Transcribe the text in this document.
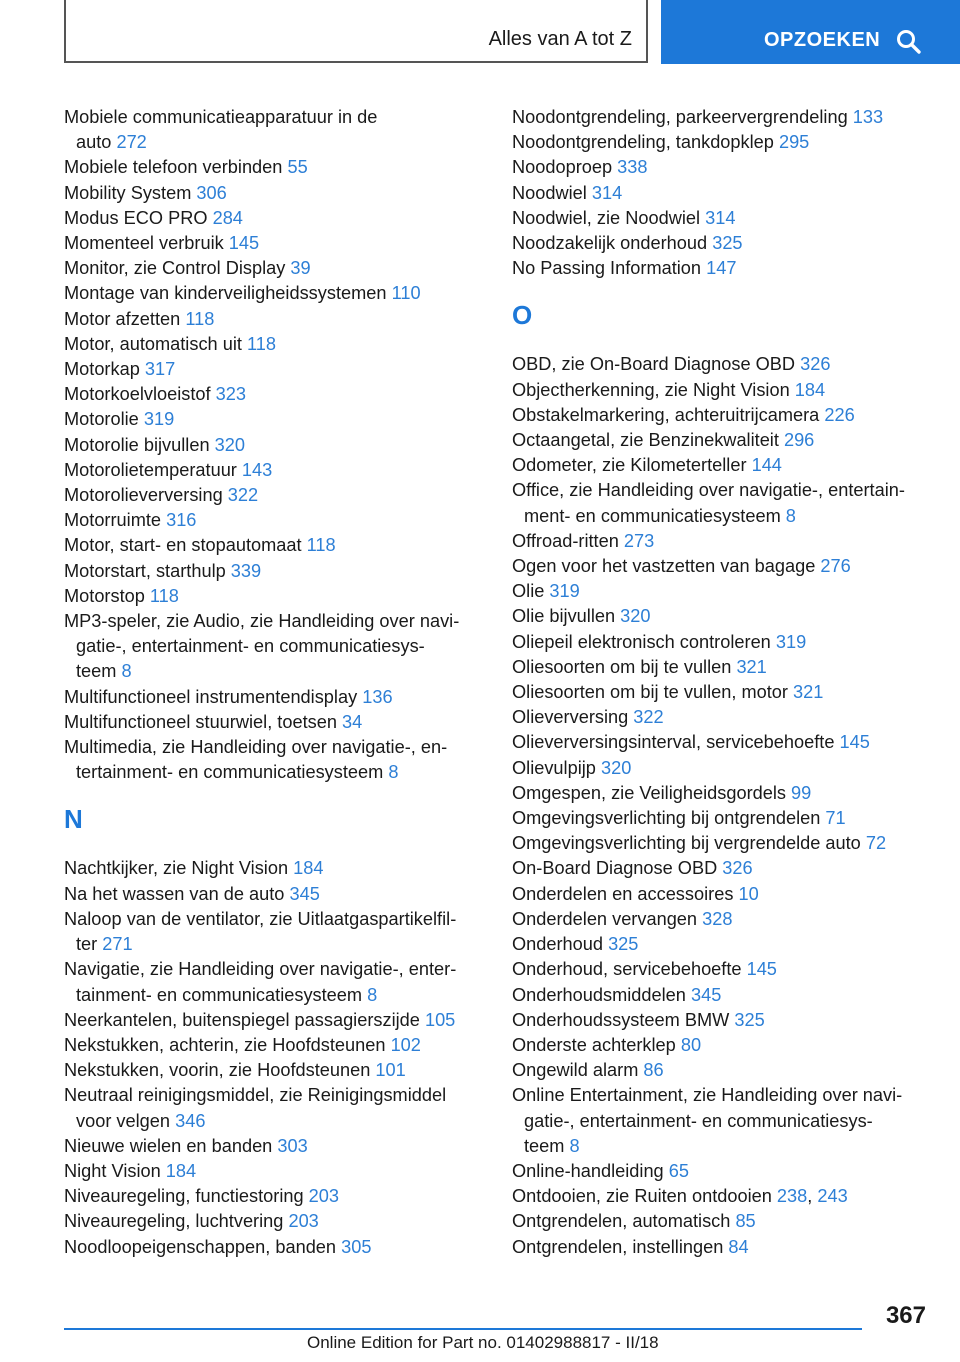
Alles van A tot Z	OPZOEKEN
Mobiele communicatieapparatuur in de
auto 272
Mobiele telefoon verbinden 55
Mobility System 306
Modus ECO PRO 284
Momenteel verbruik 145
Monitor, zie Control Display 39
Montage van kinderveiligheidssystemen 110
Motor afzetten 118
Motor, automatisch uit 118
Motorkap 317
Motorkoelvloeistof 323
Motorolie 319
Motorolie bijvullen 320
Motorolietemperatuur 143
Motorolieverversing 322
Motorruimte 316
Motor, start- en stopautomaat 118
Motorstart, starthulp 339
Motorstop 118
MP3-speler, zie Audio, zie Handleiding over navi‐
gatie-, entertainment- en communicatiesys‐
teem 8
Multifunctioneel instrumentendisplay 136
Multifunctioneel stuurwiel, toetsen 34
Multimedia, zie Handleiding over navigatie-, en‐
tertainment- en communicatiesysteem 8
N
Nachtkijker, zie Night Vision 184
Na het wassen van de auto 345
Naloop van de ventilator, zie Uitlaatgaspartikelfil‐
ter 271
Navigatie, zie Handleiding over navigatie-, enter‐
tainment- en communicatiesysteem 8
Neerkantelen, buitenspiegel passagierszijde 105
Nekstukken, achterin, zie Hoofdsteunen 102
Nekstukken, voorin, zie Hoofdsteunen 101
Neutraal reinigingsmiddel, zie Reinigingsmiddel
voor velgen 346
Nieuwe wielen en banden 303
Night Vision 184
Niveauregeling, functiestoring 203
Niveauregeling, luchtvering 203
Noodloopeigenschappen, banden 305
Noodontgrendeling, parkeervergrendeling 133
Noodontgrendeling, tankdopklep 295
Noodoproep 338
Noodwiel 314
Noodwiel, zie Noodwiel 314
Noodzakelijk onderhoud 325
No Passing Information 147
O
OBD, zie On-Board Diagnose OBD 326
Objectherkenning, zie Night Vision 184
Obstakelmarkering, achteruitrijcamera 226
Octaangetal, zie Benzinekwaliteit 296
Odometer, zie Kilometerteller 144
Office, zie Handleiding over navigatie-, entertain‐
ment- en communicatiesysteem 8
Offroad-ritten 273
Ogen voor het vastzetten van bagage 276
Olie 319
Olie bijvullen 320
Oliepeil elektronisch controleren 319
Oliesoorten om bij te vullen 321
Oliesoorten om bij te vullen, motor 321
Olieverversing 322
Olieverversingsinterval, servicebehoefte 145
Olievulpijp 320
Omgespen, zie Veiligheidsgordels 99
Omgevingsverlichting bij ontgrendelen 71
Omgevingsverlichting bij vergrendelde auto 72
On-Board Diagnose OBD 326
Onderdelen en accessoires 10
Onderdelen vervangen 328
Onderhoud 325
Onderhoud, servicebehoefte 145
Onderhoudsmiddelen 345
Onderhoudssysteem BMW 325
Onderste achterklep 80
Ongewild alarm 86
Online Entertainment, zie Handleiding over navi‐
gatie-, entertainment- en communicatiesys‐
teem 8
Online-handleiding 65
Ontdooien, zie Ruiten ontdooien 238, 243
Ontgrendelen, automatisch 85
Ontgrendelen, instellingen 84
367
Online Edition for Part no. 01402988817 - II/18
